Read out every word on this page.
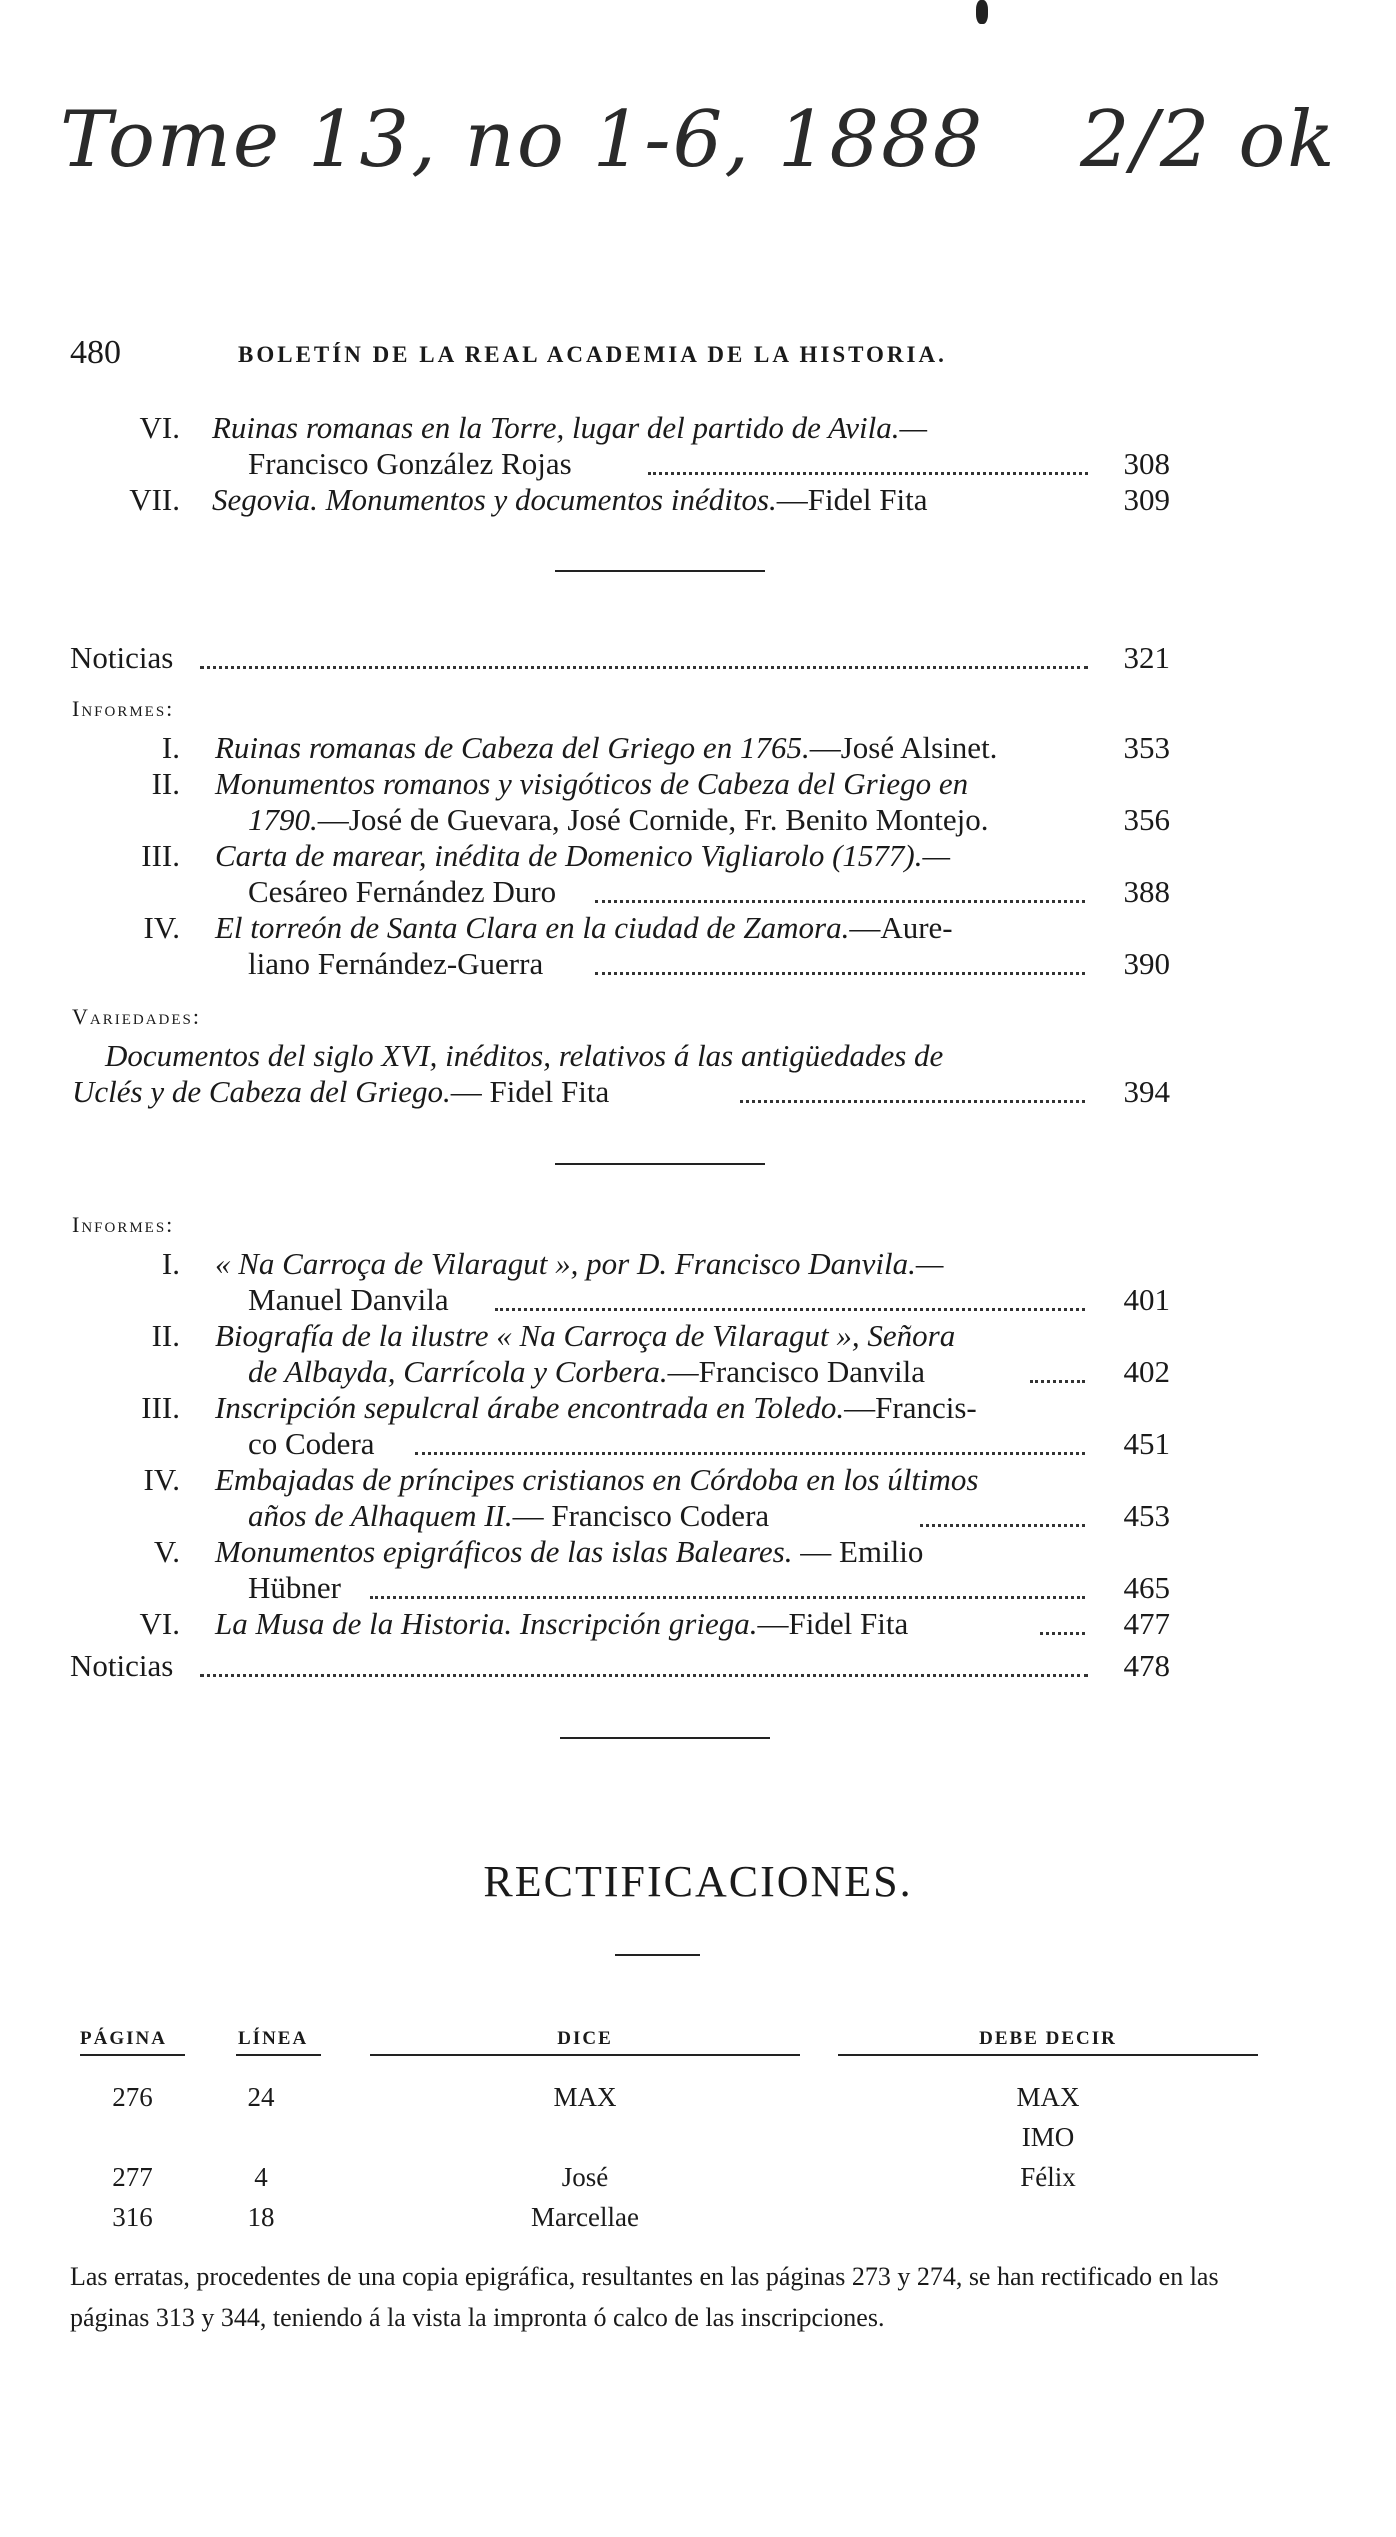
Tome 13, no 1-6, 1888 2/2 ok
480	BOLETÍN DE LA REAL ACADEMIA DE LA HISTORIA.
VI. Ruinas romanas en la Torre, lugar del partido de Avila.—
Francisco González Rojas	308
VII. Segovia. Monumentos y documentos inéditos.—Fidel Fita	309
Noticias	321
Informes:
I. Ruinas romanas de Cabeza del Griego en 1765.—José Alsinet.	353
II. Monumentos romanos y visigóticos de Cabeza del Griego en
1790.—José de Guevara, José Cornide, Fr. Benito Montejo.	356
III. Carta de marear, inédita de Domenico Vigliarolo (1577).—
Cesáreo Fernández Duro	388
IV. El torreón de Santa Clara en la ciudad de Zamora.—Aure-
liano Fernández-Guerra	390
Variedades:
Documentos del siglo XVI, inéditos, relativos á las antigüedades de
Uclés y de Cabeza del Griego.— Fidel Fita	394
Informes:
I. « Na Carroça de Vilaragut », por D. Francisco Danvila.—
Manuel Danvila	401
II. Biografía de la ilustre « Na Carroça de Vilaragut », Señora
de Albayda, Carrícola y Corbera.—Francisco Danvila	402
III. Inscripción sepulcral árabe encontrada en Toledo.—Francis-
co Codera	451
IV. Embajadas de príncipes cristianos en Córdoba en los últimos
años de Alhaquem II.— Francisco Codera	453
V. Monumentos epigráficos de las islas Baleares. — Emilio
Hübner	465
VI. La Musa de la Historia. Inscripción griega.—Fidel Fita	477
Noticias	478
RECTIFICACIONES.
PÁGINA	LÍNEA	DICE	DEBE DECIR
276	24	MAX	MAX
IMO
277	4	José	Félix
316	18	Marcellae
Las erratas, procedentes de una copia epigráfica, resultantes en las páginas 273 y 274, se han rectificado en las páginas 313 y 344, teniendo á la vista la impronta ó calco de las inscripciones.
